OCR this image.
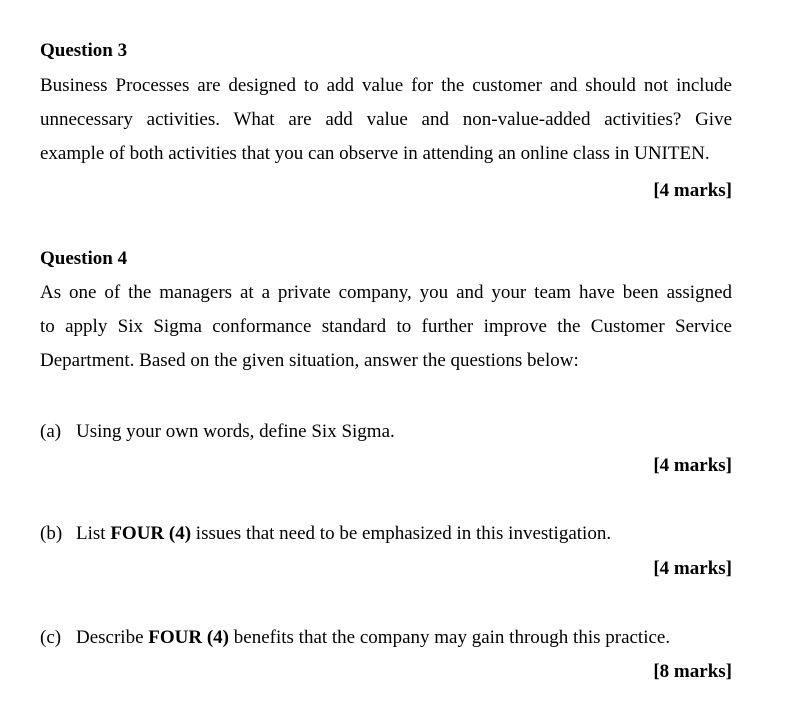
Question 3
Business Processes are designed to add value for the customer and should not include
unnecessary activities. What are add value and non-value-added activities? Give
example of both activities that you can observe in attending an online class in UNITEN.
[4 marks]
Question 4
As one of the managers at a private company, you and your team have been assigned
to apply Six Sigma conformance standard to further improve the Customer Service
Department. Based on the given situation, answer the questions below:
(a) Using your own words, define Six Sigma.
[4 marks]
(b) List FOUR (4) issues that need to be emphasized in this investigation.
[4 marks]
(c) Describe FOUR (4) benefits that the company may gain through this practice.
[8 marks]
